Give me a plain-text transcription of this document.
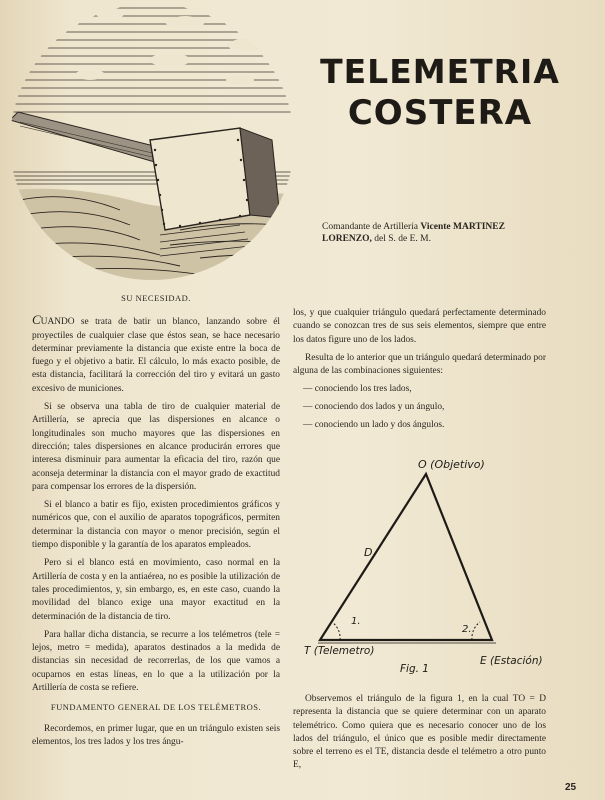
TELEMETRIA
COSTERA
Comandante de Artillería Vicente MARTINEZ LORENZO, del S. de E. M.
SU NECESIDAD.

CUANDO se trata de batir un blanco, lanzando sobre él proyectiles de cualquier clase que éstos sean, se hace necesario determinar previamente la distancia que existe entre la boca de fuego y el objetivo a batir. El cálculo, lo más exacto posible, de esta distancia, facilitará la corrección del tiro y evitará un gasto excesivo de municiones.

Si se observa una tabla de tiro de cualquier material de Artillería, se aprecia que las dispersiones en alcance o longitudinales son mucho mayores que las dispersiones en dirección; tales dispersiones en alcance producirán errores que interesa disminuir para aumentar la eficacia del tiro, razón que aconseja determinar la distancia con el mayor grado de exactitud para compensar los errores de la dispersión.

Si el blanco a batir es fijo, existen procedimientos gráficos y numéricos que, con el auxilio de aparatos topográficos, permiten determinar la distancia con mayor o menor precisión, según el tiempo disponible y la garantía de los aparatos empleados.

Pero si el blanco está en movimiento, caso normal en la Artillería de costa y en la antiaérea, no es posible la utilización de tales procedimientos, y, sin embargo, es, en este caso, cuando la movilidad del blanco exige una mayor exactitud en la determinación de la distancia de tiro.

Para hallar dicha distancia, se recurre a los telémetros (tele = lejos, metro = medida), aparatos destinados a la medida de distancias sin necesidad de recorrerlas, de los que vamos a ocuparnos en estas líneas, en lo que a la utilización por la Artillería de costa se refiere.

FUNDAMENTO GENERAL DE LOS TELÉMETROS.

Recordemos, en primer lugar, que en un triángulo existen seis elementos, los tres lados y los tres ángu-

los, y que cualquier triángulo quedará perfectamente determinado cuando se conozcan tres de sus seis elementos, siempre que entre los datos figure uno de los lados.

Resulta de lo anterior que un triángulo quedará determinado por alguna de las combinaciones siguientes:

— conociendo los tres lados,
— conociendo dos lados y un ángulo,
— conociendo un lado y dos ángulos.
O (Objetivo)
D
1.
2.
T (Telemetro)
E (Estación)
Fig. 1

Observemos el triángulo de la figura 1, en la cual TO = D representa la distancia que se quiere determinar con un aparato telemétrico. Como quiera que es necesario conocer uno de los lados del triángulo, el único que es posible medir directamente sobre el terreno es el TE, distancia desde el telémetro a otro punto E,

25
